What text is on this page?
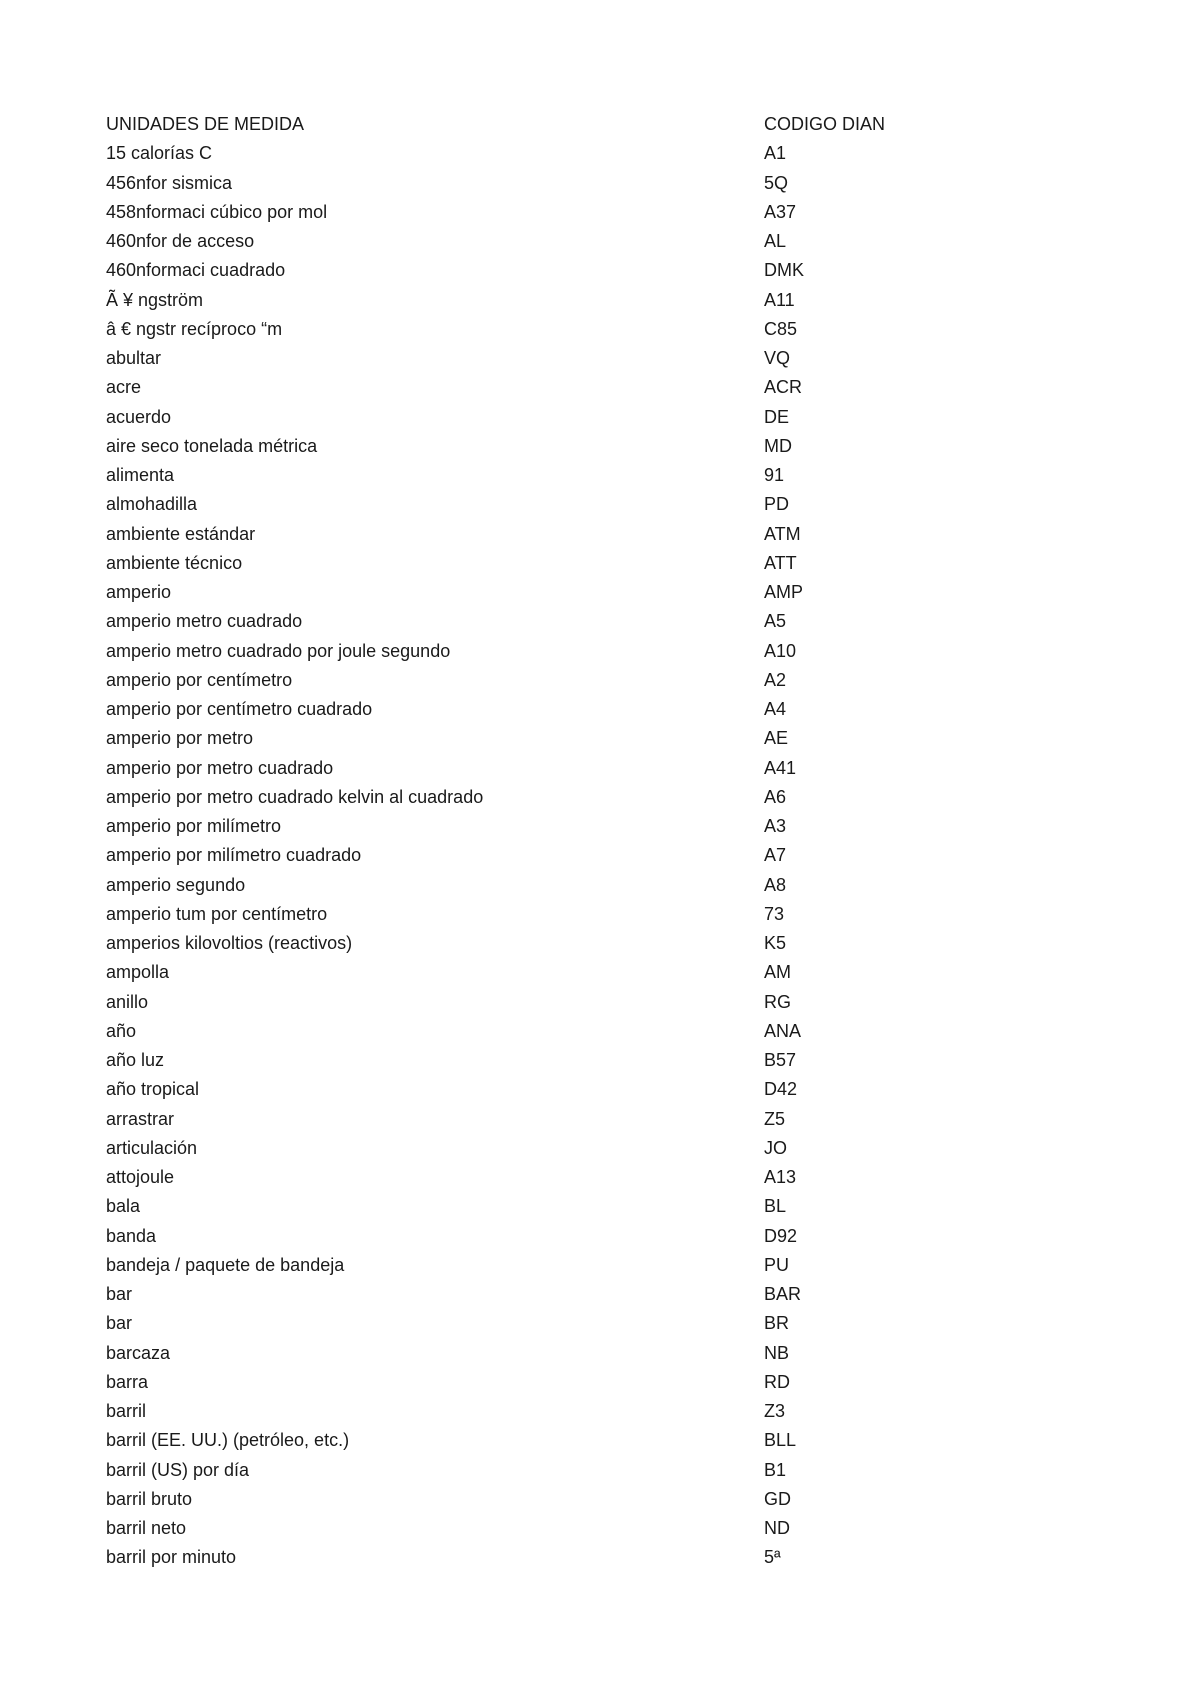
UNIDADES DE MEDIDA	CODIGO DIAN
15 calorías C	A1
456nfor sismica	5Q
458nformaci cúbico por mol	A37
460nfor de acceso	AL
460nformaci cuadrado	DMK
Ã ¥ ngström	A11
â € ngstr recíproco “m	C85
abultar	VQ
acre	ACR
acuerdo	DE
aire seco tonelada métrica	MD
alimenta	91
almohadilla	PD
ambiente estándar	ATM
ambiente técnico	ATT
amperio	AMP
amperio metro cuadrado	A5
amperio metro cuadrado por joule segundo	A10
amperio por centímetro	A2
amperio por centímetro cuadrado	A4
amperio por metro	AE
amperio por metro cuadrado	A41
amperio por metro cuadrado kelvin al cuadrado	A6
amperio por milímetro	A3
amperio por milímetro cuadrado	A7
amperio segundo	A8
amperio tum por centímetro	73
amperios kilovoltios (reactivos)	K5
ampolla	AM
anillo	RG
año	ANA
año luz	B57
año tropical	D42
arrastrar	Z5
articulación	JO
attojoule	A13
bala	BL
banda	D92
bandeja / paquete de bandeja	PU
bar	BAR
bar	BR
barcaza	NB
barra	RD
barril	Z3
barril (EE. UU.) (petróleo, etc.)	BLL
barril (US) por día	B1
barril bruto	GD
barril neto	ND
barril por minuto	5ª
